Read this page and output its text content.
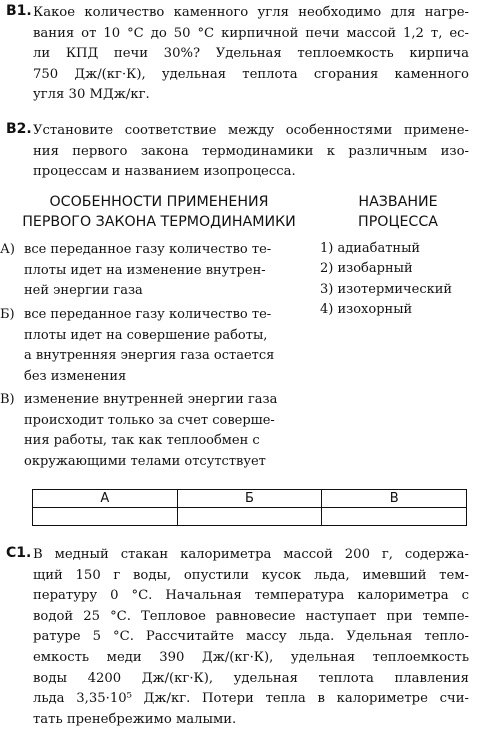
B1. Какое количество каменного угля необходимо для нагре-
вания от 10 °С до 50 °С кирпичной печи массой 1,2 т, ес-
ли КПД печи 30%? Удельная теплоемкость кирпича
750 Дж/(кг·К), удельная теплота сгорания каменного
угля 30 МДж/кг.
B2. Установите соответствие между особенностями примене-
ния первого закона термодинамики к различным изо-
процессам и названием изопроцесса.
ОСОБЕННОСТИ ПРИМЕНЕНИЯ
ПЕРВОГО ЗАКОНА ТЕРМОДИНАМИКИ
НАЗВАНИЕ
ПРОЦЕССА
А) все переданное газу количество те-
плоты идет на изменение внутрен-
ней энергии газа
Б) все переданное газу количество те-
плоты идет на совершение работы,
а внутренняя энергия газа остается
без изменения
В) изменение внутренней энергии газа
происходит только за счет соверше-
ния работы, так как теплообмен с
окружающими телами отсутствует
1) адиабатный
2) изобарный
3) изотермический
4) изохорный
А	Б	В

C1. В медный стакан калориметра массой 200 г, содержа-
щий 150 г воды, опустили кусок льда, имевший тем-
пературу 0 °С. Начальная температура калориметра с
водой 25 °С. Тепловое равновесие наступает при темпе-
ратуре 5 °С. Рассчитайте массу льда. Удельная тепло-
емкость меди 390 Дж/(кг·К), удельная теплоемкость
воды 4200 Дж/(кг·К), удельная теплота плавления
льда 3,35·10⁵ Дж/кг. Потери тепла в калориметре счи-
тать пренебрежимо малыми.
